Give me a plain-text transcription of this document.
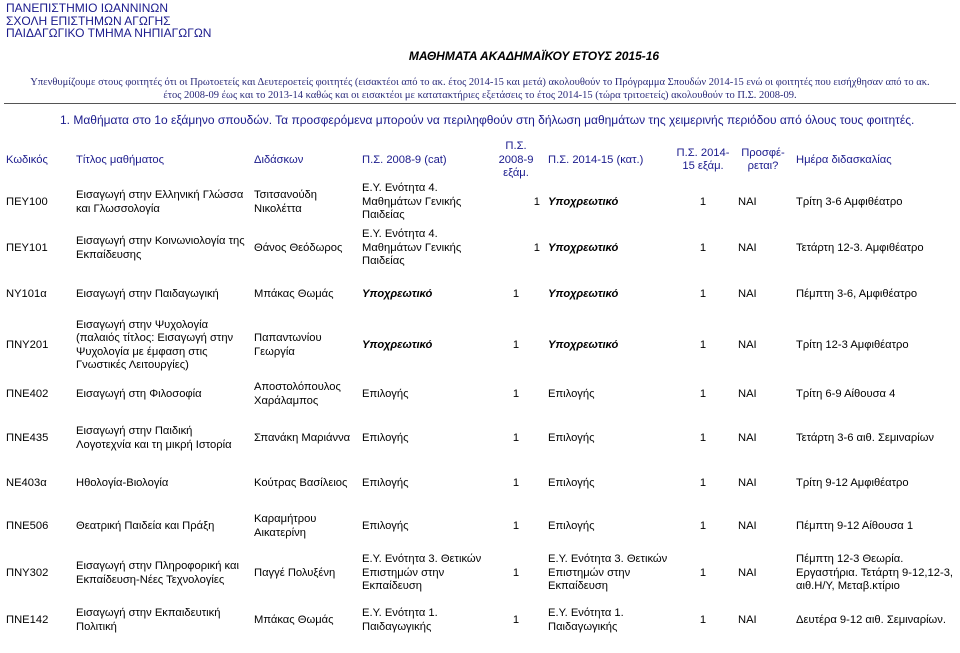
ΠΑΝΕΠΙΣΤΗΜΙΟ ΙΩΑΝΝΙΝΩΝ
ΣΧΟΛΗ ΕΠΙΣΤΗΜΩΝ ΑΓΩΓΗΣ
ΠΑΙΔΑΓΩΓΙΚΟ ΤΜΗΜΑ ΝΗΠΙΑΓΩΓΩΝ
ΜΑΘΗΜΑΤΑ ΑΚΑΔΗΜΑΪΚΟΥ ΕΤΟΥΣ 2015-16
Υπενθυμίζουμε στους φοιτητές ότι οι Πρωτοετείς και Δευτεροετείς φοιτητές (εισακτέοι από το ακ. έτος 2014-15 και μετά) ακολουθούν το Πρόγραμμα Σπουδών 2014-15 ενώ οι φοιτητές που εισήχθησαν από το ακ.
έτος 2008-09 έως και το 2013-14 καθώς και οι εισακτέοι με κατατακτήριες εξετάσεις το έτος 2014-15 (τώρα τριτοετείς) ακολουθούν το Π.Σ. 2008-09.
1. Μαθήματα στο 1ο εξάμηνο σπουδών. Τα προσφερόμενα μπορούν να περιληφθούν στη δήλωση μαθημάτων της χειμερινής περιόδου από όλους τους φοιτητές.
Κωδικός	Τίτλος μαθήματος	Διδάσκων	Π.Σ. 2008-9 (cat)	Π.Σ. 2008-9 εξάμ.	Π.Σ. 2014-15 (κατ.)	Π.Σ. 2014-15 εξάμ.	Προσφέ-ρεται?	Ημέρα διδασκαλίας
ΠΕΥ100	Εισαγωγή στην Ελληνική Γλώσσα και Γλωσσολογία	Τσιτσανούδη Νικολέττα	Ε.Υ. Ενότητα 4. Μαθημάτων Γενικής Παιδείας	1	Υποχρεωτικό	1	ΝΑΙ	Τρίτη 3-6 Αμφιθέατρο
ΠΕΥ101	Εισαγωγή στην Κοινωνιολογία της Εκπαίδευσης	Θάνος Θεόδωρος	Ε.Υ. Ενότητα 4. Μαθημάτων Γενικής Παιδείας	1	Υποχρεωτικό	1	ΝΑΙ	Τετάρτη 12-3. Αμφιθέατρο
ΝΥ101α	Εισαγωγή στην Παιδαγωγική	Μπάκας Θωμάς	Υποχρεωτικό	1	Υποχρεωτικό	1	ΝΑΙ	Πέμπτη 3-6, Αμφιθέατρο
ΠΝΥ201	Εισαγωγή στην Ψυχολογία (παλαιός τίτλος: Εισαγωγή στην Ψυχολογία με έμφαση στις Γνωστικές Λειτουργίες)	Παπαντωνίου Γεωργία	Υποχρεωτικό	1	Υποχρεωτικό	1	ΝΑΙ	Τρίτη 12-3 Αμφιθέατρο
ΠΝΕ402	Εισαγωγή στη Φιλοσοφία	Αποστολόπουλος Χαράλαμπος	Επιλογής	1	Επιλογής	1	ΝΑΙ	Τρίτη 6-9 Αίθουσα 4
ΠΝΕ435	Εισαγωγή στην Παιδική Λογοτεχνία και τη μικρή Ιστορία	Σπανάκη Μαριάννα	Επιλογής	1	Επιλογής	1	ΝΑΙ	Τετάρτη 3-6 αιθ. Σεμιναρίων
ΝΕ403α	Ηθολογία-Βιολογία	Κούτρας Βασίλειος	Επιλογής	1	Επιλογής	1	ΝΑΙ	Τρίτη 9-12 Αμφιθέατρο
ΠΝΕ506	Θεατρική Παιδεία και Πράξη	Καραμήτρου Αικατερίνη	Επιλογής	1	Επιλογής	1	ΝΑΙ	Πέμπτη 9-12 Αίθουσα 1
ΠΝΥ302	Εισαγωγή στην Πληροφορική και Εκπαίδευση-Νέες Τεχνολογίες	Παγγέ Πολυξένη	Ε.Υ. Ενότητα 3. Θετικών Επιστημών στην Εκπαίδευση	1	Ε.Υ. Ενότητα 3. Θετικών Επιστημών στην Εκπαίδευση	1	ΝΑΙ	Πέμπτη 12-3 Θεωρία. Εργαστήρια. Τετάρτη 9-12,12-3, αιθ.Η/Υ, Μεταβ.κτίριο
ΠΝΕ142	Εισαγωγή στην Εκπαιδευτική Πολιτική	Μπάκας Θωμάς	Ε.Υ. Ενότητα 1. Παιδαγωγικής	1	Ε.Υ. Ενότητα 1. Παιδαγωγικής	1	ΝΑΙ	Δευτέρα 9-12 αιθ. Σεμιναρίων.
